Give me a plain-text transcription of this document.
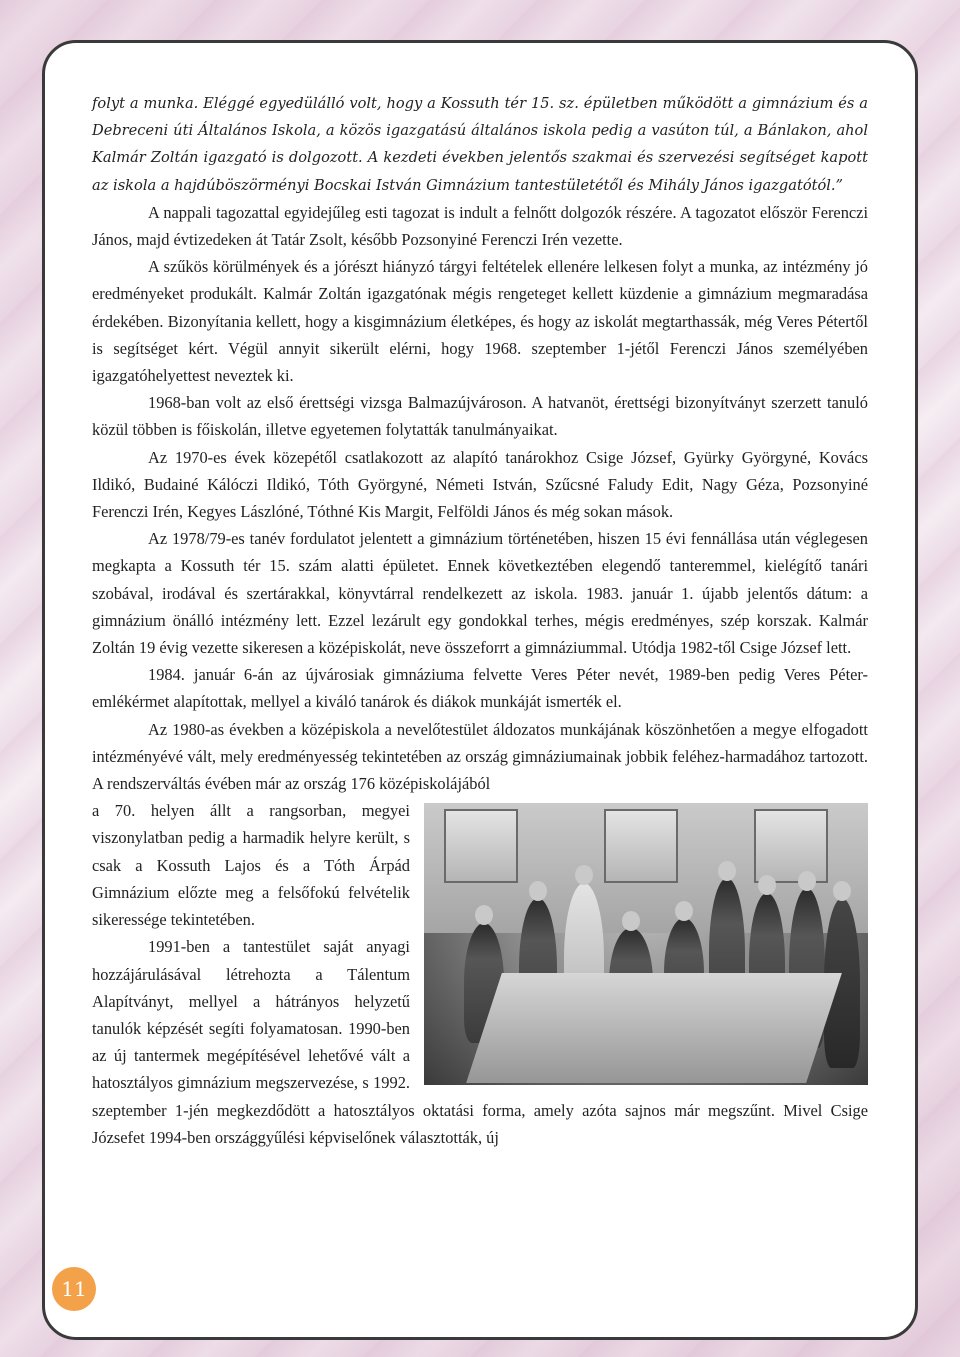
folyt a munka. Eléggé egyedülálló volt, hogy a Kossuth tér 15. sz. épületben működött a gimnázium és a Debreceni úti Általános Iskola, a közös igazgatású általános iskola pedig a vasúton túl, a Bánlakon, ahol Kalmár Zoltán igazgató is dolgozott. A kezdeti években jelentős szakmai és szervezési segítséget kapott az iskola a hajdúböszörményi Bocskai István Gimnázium tantestületétől és Mihály János igazgatótól.”

A nappali tagozattal egyidejűleg esti tagozat is indult a felnőtt dolgozók részére. A tagozatot először Ferenczi János, majd évtizedeken át Tatár Zsolt, később Pozsonyiné Ferenczi Irén vezette.

A szűkös körülmények és a jórészt hiányzó tárgyi feltételek ellenére lelkesen folyt a munka, az intézmény jó eredményeket produkált. Kalmár Zoltán igazgatónak mégis rengeteget kellett küzdenie a gimnázium megmaradása érdekében. Bizonyítania kellett, hogy a kisgimnázium életképes, és hogy az iskolát megtarthassák, még Veres Pétertől is segítséget kért. Végül annyit sikerült elérni, hogy 1968. szeptember 1-jétől Ferenczi János személyében igazgatóhelyettest neveztek ki.

1968-ban volt az első érettségi vizsga Balmazújvároson. A hatvanöt, érettségi bizonyítványt szerzett tanuló közül többen is főiskolán, illetve egyetemen folytatták tanulmányaikat.

Az 1970-es évek közepétől csatlakozott az alapító tanárokhoz Csige József, Gyürky Györgyné, Kovács Ildikó, Budainé Kálóczi Ildikó, Tóth Györgyné, Németi István, Szűcsné Faludy Edit, Nagy Géza, Pozsonyiné Ferenczi Irén, Kegyes Lászlóné, Tóthné Kis Margit, Felföldi János és még sokan mások.

Az 1978/79-es tanév fordulatot jelentett a gimnázium történetében, hiszen 15 évi fennállása után véglegesen megkapta a Kossuth tér 15. szám alatti épületet. Ennek következtében elegendő tanteremmel, kielégítő tanári szobával, irodával és szertárakkal, könyvtárral rendelkezett az iskola. 1983. január 1. újabb jelentős dátum: a gimnázium önálló intézmény lett. Ezzel lezárult egy gondokkal terhes, mégis eredményes, szép korszak. Kalmár Zoltán 19 évig vezette sikeresen a középiskolát, neve összeforrt a gimnáziummal. Utódja 1982-től Csige József lett.

1984. január 6-án az újvárosiak gimnáziuma felvette Veres Péter nevét, 1989-ben pedig Veres Péter-emlékérmet alapítottak, mellyel a kiváló tanárok és diákok munkáját ismerték el.

Az 1980-as években a középiskola a nevelőtestület áldozatos munkájának köszönhetően a megye elfogadott intézményévé vált, mely eredményesség tekintetében az ország gimnáziumainak jobbik feléhez-harmadához tartozott. A rendszerváltás évében már az ország 176 középiskolájából

a 70. helyen állt a rangsorban, megyei viszonylatban pedig a harmadik helyre került, s csak a Kossuth Lajos és a Tóth Árpád Gimnázium előzte meg a felsőfokú felvételik sikeressége tekintetében.

1991-ben a tantestület saját anyagi hozzájárulásával létrehozta a Tálentum Alapítványt, mellyel a hátrányos helyzetű tanulók képzését segíti folyamatosan. 1990-ben az új tantermek megépítésével lehetővé vált a hatosztályos gimnázium megszervezése, s 1992. szeptember 1-jén megkezdődött a hatosztályos oktatási forma, amely azóta sajnos már megszűnt. Mivel Csige Józsefet 1994-ben országgyűlési képviselőnek választották, új

11
